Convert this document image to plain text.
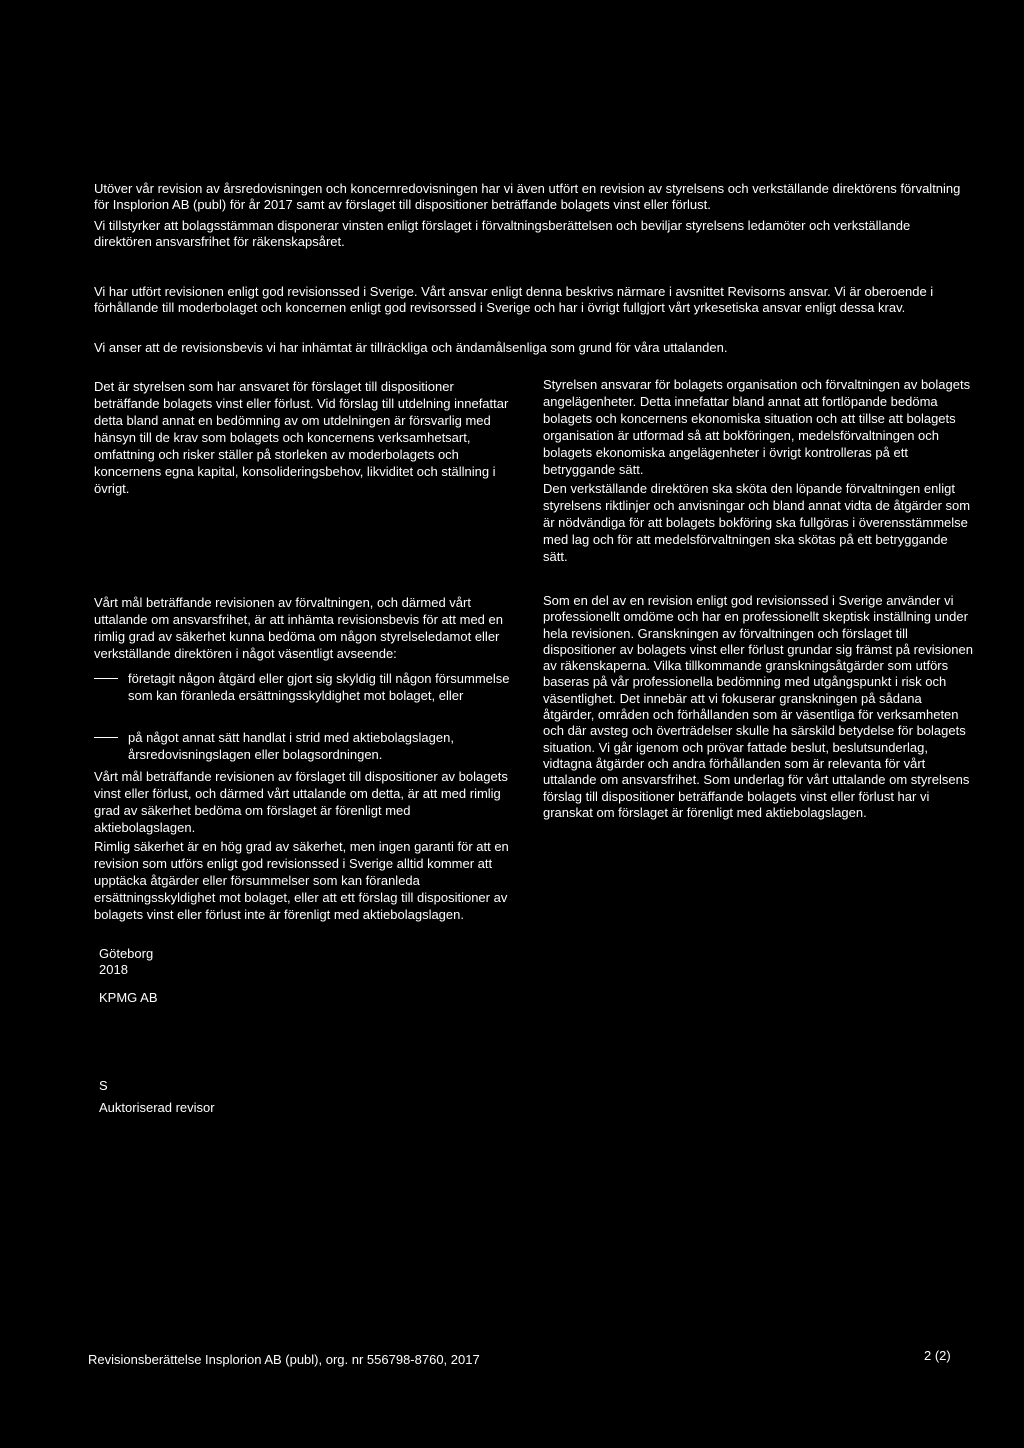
Utöver vår revision av årsredovisningen och koncernredovisningen har vi även utfört en revision av styrelsens och verkställande direktörens förvaltning för Insplorion AB (publ) för år 2017 samt av förslaget till dispositioner beträffande bolagets vinst eller förlust.

Vi tillstyrker att bolagsstämman disponerar vinsten enligt förslaget i förvaltningsberättelsen och beviljar styrelsens ledamöter och verkställande direktören ansvarsfrihet för räkenskapsåret.

Vi har utfört revisionen enligt god revisionssed i Sverige. Vårt ansvar enligt denna beskrivs närmare i avsnittet Revisorns ansvar. Vi är oberoende i förhållande till moderbolaget och koncernen enligt god revisorssed i Sverige och har i övrigt fullgjort vårt yrkesetiska ansvar enligt dessa krav.

Vi anser att de revisionsbevis vi har inhämtat är tillräckliga och ändamålsenliga som grund för våra uttalanden.

Det är styrelsen som har ansvaret för förslaget till dispositioner beträffande bolagets vinst eller förlust. Vid förslag till utdelning innefattar detta bland annat en bedömning av om utdelningen är försvarlig med hänsyn till de krav som bolagets och koncernens verksamhetsart, omfattning och risker ställer på storleken av moderbolagets och koncernens egna kapital, konsolideringsbehov, likviditet och ställning i övrigt.

Styrelsen ansvarar för bolagets organisation och förvaltningen av bolagets angelägenheter. Detta innefattar bland annat att fortlöpande bedöma bolagets och koncernens ekonomiska situation och att tillse att bolagets organisation är utformad så att bokföringen, medelsförvaltningen och bolagets ekonomiska angelägenheter i övrigt kontrolleras på ett betryggande sätt.

Den verkställande direktören ska sköta den löpande förvaltningen enligt styrelsens riktlinjer och anvisningar och bland annat vidta de åtgärder som är nödvändiga för att bolagets bokföring ska fullgöras i överensstämmelse med lag och för att medelsförvaltningen ska skötas på ett betryggande sätt.

Vårt mål beträffande revisionen av förvaltningen, och därmed vårt uttalande om ansvarsfrihet, är att inhämta revisionsbevis för att med en rimlig grad av säkerhet kunna bedöma om någon styrelseledamot eller verkställande direktören i något väsentligt avseende:

företagit någon åtgärd eller gjort sig skyldig till någon försummelse som kan föranleda ersättningsskyldighet mot bolaget, eller
på något annat sätt handlat i strid med aktiebolagslagen, årsredovisningslagen eller bolagsordningen.

Vårt mål beträffande revisionen av förslaget till dispositioner av bolagets vinst eller förlust, och därmed vårt uttalande om detta, är att med rimlig grad av säkerhet bedöma om förslaget är förenligt med aktiebolagslagen.

Rimlig säkerhet är en hög grad av säkerhet, men ingen garanti för att en revision som utförs enligt god revisionssed i Sverige alltid kommer att upptäcka åtgärder eller försummelser som kan föranleda ersättningsskyldighet mot bolaget, eller att ett förslag till dispositioner av bolagets vinst eller förlust inte är förenligt med aktiebolagslagen.

Som en del av en revision enligt god revisionssed i Sverige använder vi professionellt omdöme och har en professionellt skeptisk inställning under hela revisionen. Granskningen av förvaltningen och förslaget till dispositioner av bolagets vinst eller förlust grundar sig främst på revisionen av räkenskaperna. Vilka tillkommande granskningsåtgärder som utförs baseras på vår professionella bedömning med utgångspunkt i risk och väsentlighet. Det innebär att vi fokuserar granskningen på sådana åtgärder, områden och förhållanden som är väsentliga för verksamheten och där avsteg och överträdelser skulle ha särskild betydelse för bolagets situation. Vi går igenom och prövar fattade beslut, beslutsunderlag, vidtagna åtgärder och andra förhållanden som är relevanta för vårt uttalande om ansvarsfrihet. Som underlag för vårt uttalande om styrelsens förslag till dispositioner beträffande bolagets vinst eller förlust har vi granskat om förslaget är förenligt med aktiebolagslagen.

Göteborg 2018
KPMG AB
S
Auktoriserad revisor
Revisionsberättelse Insplorion AB (publ), org. nr 556798-8760, 2017	2 (2)
